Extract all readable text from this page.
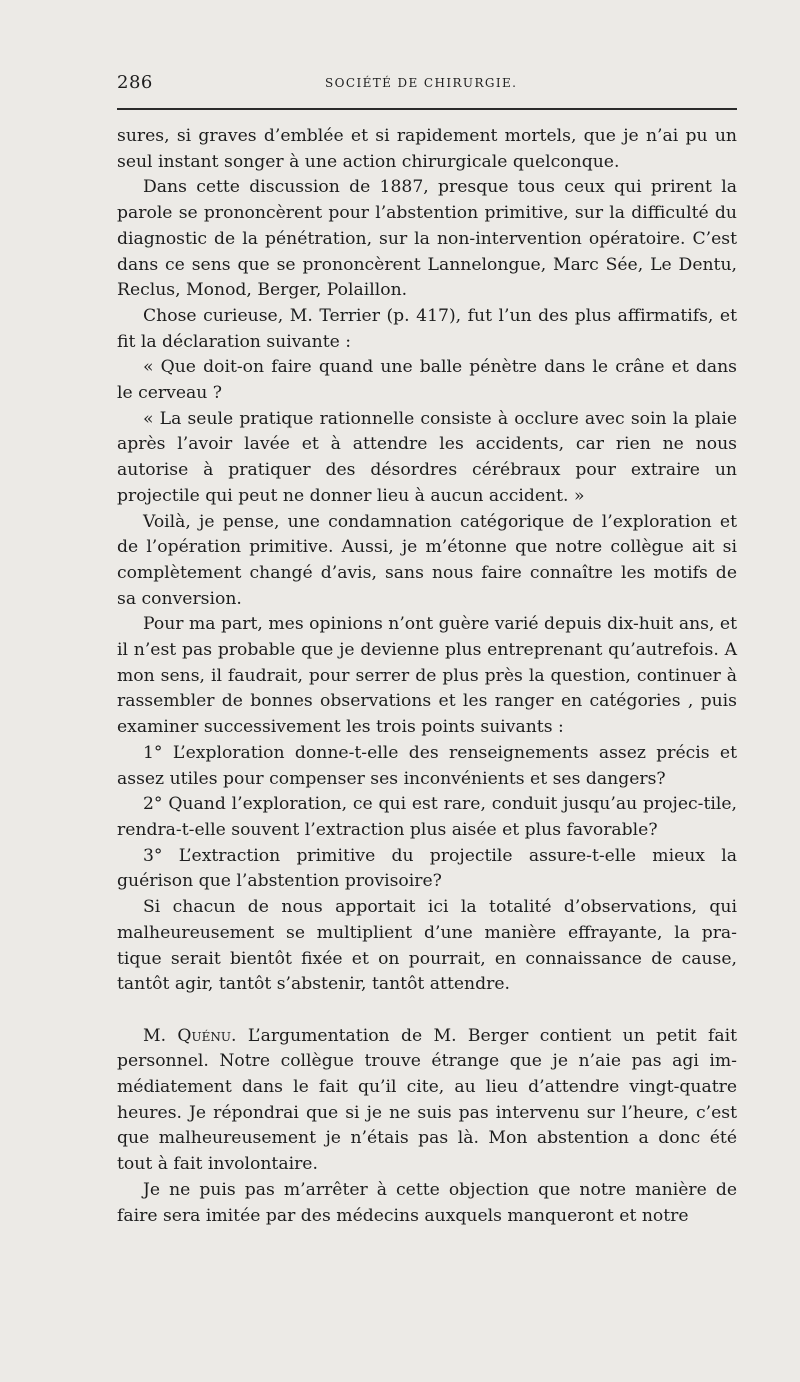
286	SOCIÉTÉ DE CHIRURGIE.

sures, si graves d’emblée et si rapidement mortels, que je n’ai pu un seul instant songer à une action chirurgicale quelconque.

Dans cette discussion de 1887, presque tous ceux qui prirent la parole se prononcèrent pour l’abstention primitive, sur la difficulté du diagnostic de la pénétration, sur la non-intervention opératoire. C’est dans ce sens que se prononcèrent Lannelongue, Marc Sée, Le Dentu, Reclus, Monod, Berger, Polaillon.

Chose curieuse, M. Terrier (p. 417), fut l’un des plus affirmatifs, et fit la déclaration suivante :

« Que doit-on faire quand une balle pénètre dans le crâne et dans le cerveau ?

« La seule pratique rationnelle consiste à occlure avec soin la plaie après l’avoir lavée et à attendre les accidents, car rien ne nous autorise à pratiquer des désordres cérébraux pour extraire un projectile qui peut ne donner lieu à aucun accident. »

Voilà, je pense, une condamnation catégorique de l’exploration et de l’opération primitive. Aussi, je m’étonne que notre collègue ait si complètement changé d’avis, sans nous faire connaître les motifs de sa conversion.

Pour ma part, mes opinions n’ont guère varié depuis dix-huit ans, et il n’est pas probable que je devienne plus entreprenant qu’autrefois. A mon sens, il faudrait, pour serrer de plus près la question, continuer à rassembler de bonnes observations et les ranger en catégories , puis examiner successivement les trois points suivants :

1° L’exploration donne-t-elle des renseignements assez précis et assez utiles pour compenser ses inconvénients et ses dangers?

2° Quand l’exploration, ce qui est rare, conduit jusqu’au projec-tile, rendra-t-elle souvent l’extraction plus aisée et plus favorable?

3° L’extraction primitive du projectile assure-t-elle mieux la guérison que l’abstention provisoire?

Si chacun de nous apportait ici la totalité d’observations, qui malheureusement se multiplient d’une manière effrayante, la pra-tique serait bientôt fixée et on pourrait, en connaissance de cause, tantôt agir, tantôt s’abstenir, tantôt attendre.

M. Quénu. L’argumentation de M. Berger contient un petit fait personnel. Notre collègue trouve étrange que je n’aie pas agi im-médiatement dans le fait qu’il cite, au lieu d’attendre vingt-quatre heures. Je répondrai que si je ne suis pas intervenu sur l’heure, c’est que malheureusement je n’étais pas là. Mon abstention a donc été tout à fait involontaire.

Je ne puis pas m’arrêter à cette objection que notre manière de faire sera imitée par des médecins auxquels manqueront et notre
